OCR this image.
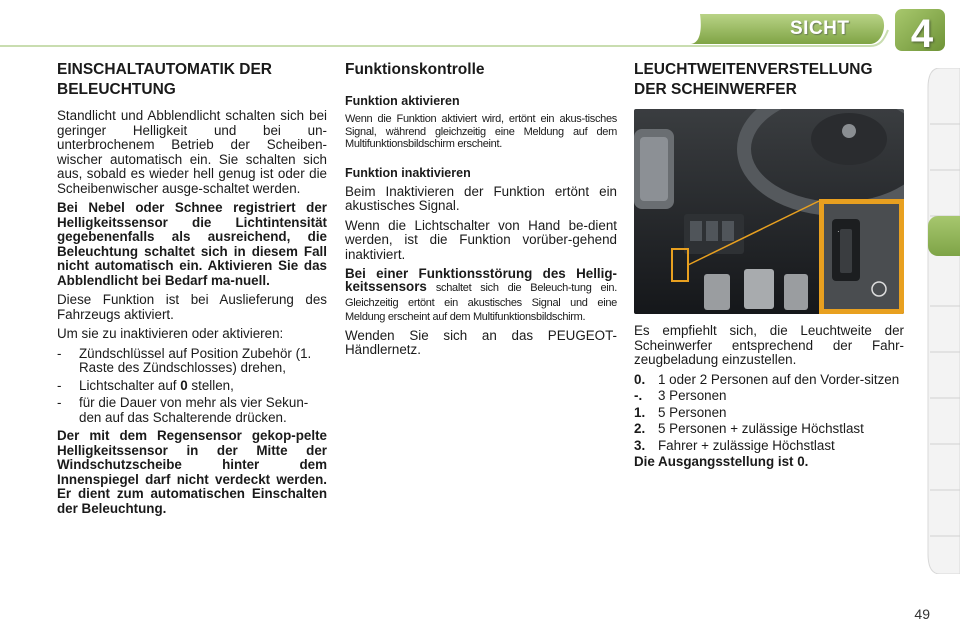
SICHT	4
EINSCHALTAUTOMATIK DER BELEUCHTUNG

Standlicht und Abblendlicht schalten sich bei geringer Helligkeit und bei un-unterbrochenem Betrieb der Scheiben-wischer automatisch ein. Sie schalten sich aus, sobald es wieder hell genug ist oder die Scheibenwischer ausge-schaltet werden.

Bei Nebel oder Schnee registriert der Helligkeitssensor die Lichtintensität gegebenenfalls als ausreichend, die Beleuchtung schaltet sich in diesem Fall nicht automatisch ein. Aktivieren Sie das Abblendlicht bei Bedarf ma-nuell.

Diese Funktion ist bei Auslieferung des Fahrzeugs aktiviert.

Um sie zu inaktivieren oder aktivieren:

- Zündschlüssel auf Position Zubehör (1. Raste des Zündschlosses) drehen,
- Lichtschalter auf 0 stellen,
- für die Dauer von mehr als vier Sekun-den auf das Schalterende drücken.

Der mit dem Regensensor gekop-pelte Helligkeitssensor in der Mitte der Windschutzscheibe hinter dem Innenspiegel darf nicht verdeckt werden. Er dient zum automatischen Einschalten der Beleuchtung.

Funktionskontrolle
Funktion aktivieren

Wenn die Funktion aktiviert wird, ertönt ein akus-tisches Signal, während gleichzeitig eine Meldung auf dem Multifunktionsbildschirm erscheint.

Funktion inaktivieren

Beim Inaktivieren der Funktion ertönt ein akustisches Signal.

Wenn die Lichtschalter von Hand be-dient werden, ist die Funktion vorüber-gehend inaktiviert.

Bei einer Funktionsstörung des Hellig-keitssensors schaltet sich die Beleuch-tung ein. Gleichzeitig ertönt ein akustisches Signal und eine Meldung erscheint auf dem Multifunktionsbildschirm.

Wenden Sie sich an das PEUGEOT-Händlernetz.

LEUCHTWEITENVERSTELLUNG DER SCHEINWERFER
·

Es empfiehlt sich, die Leuchtweite der Scheinwerfer entsprechend der Fahr-zeugbeladung einzustellen.

0. 1 oder 2 Personen auf den Vorder-sitzen
-.	3 Personen
1. 5 Personen
2. 5 Personen + zulässige Höchstlast
3. Fahrer + zulässige Höchstlast

Die Ausgangsstellung ist 0.

49
